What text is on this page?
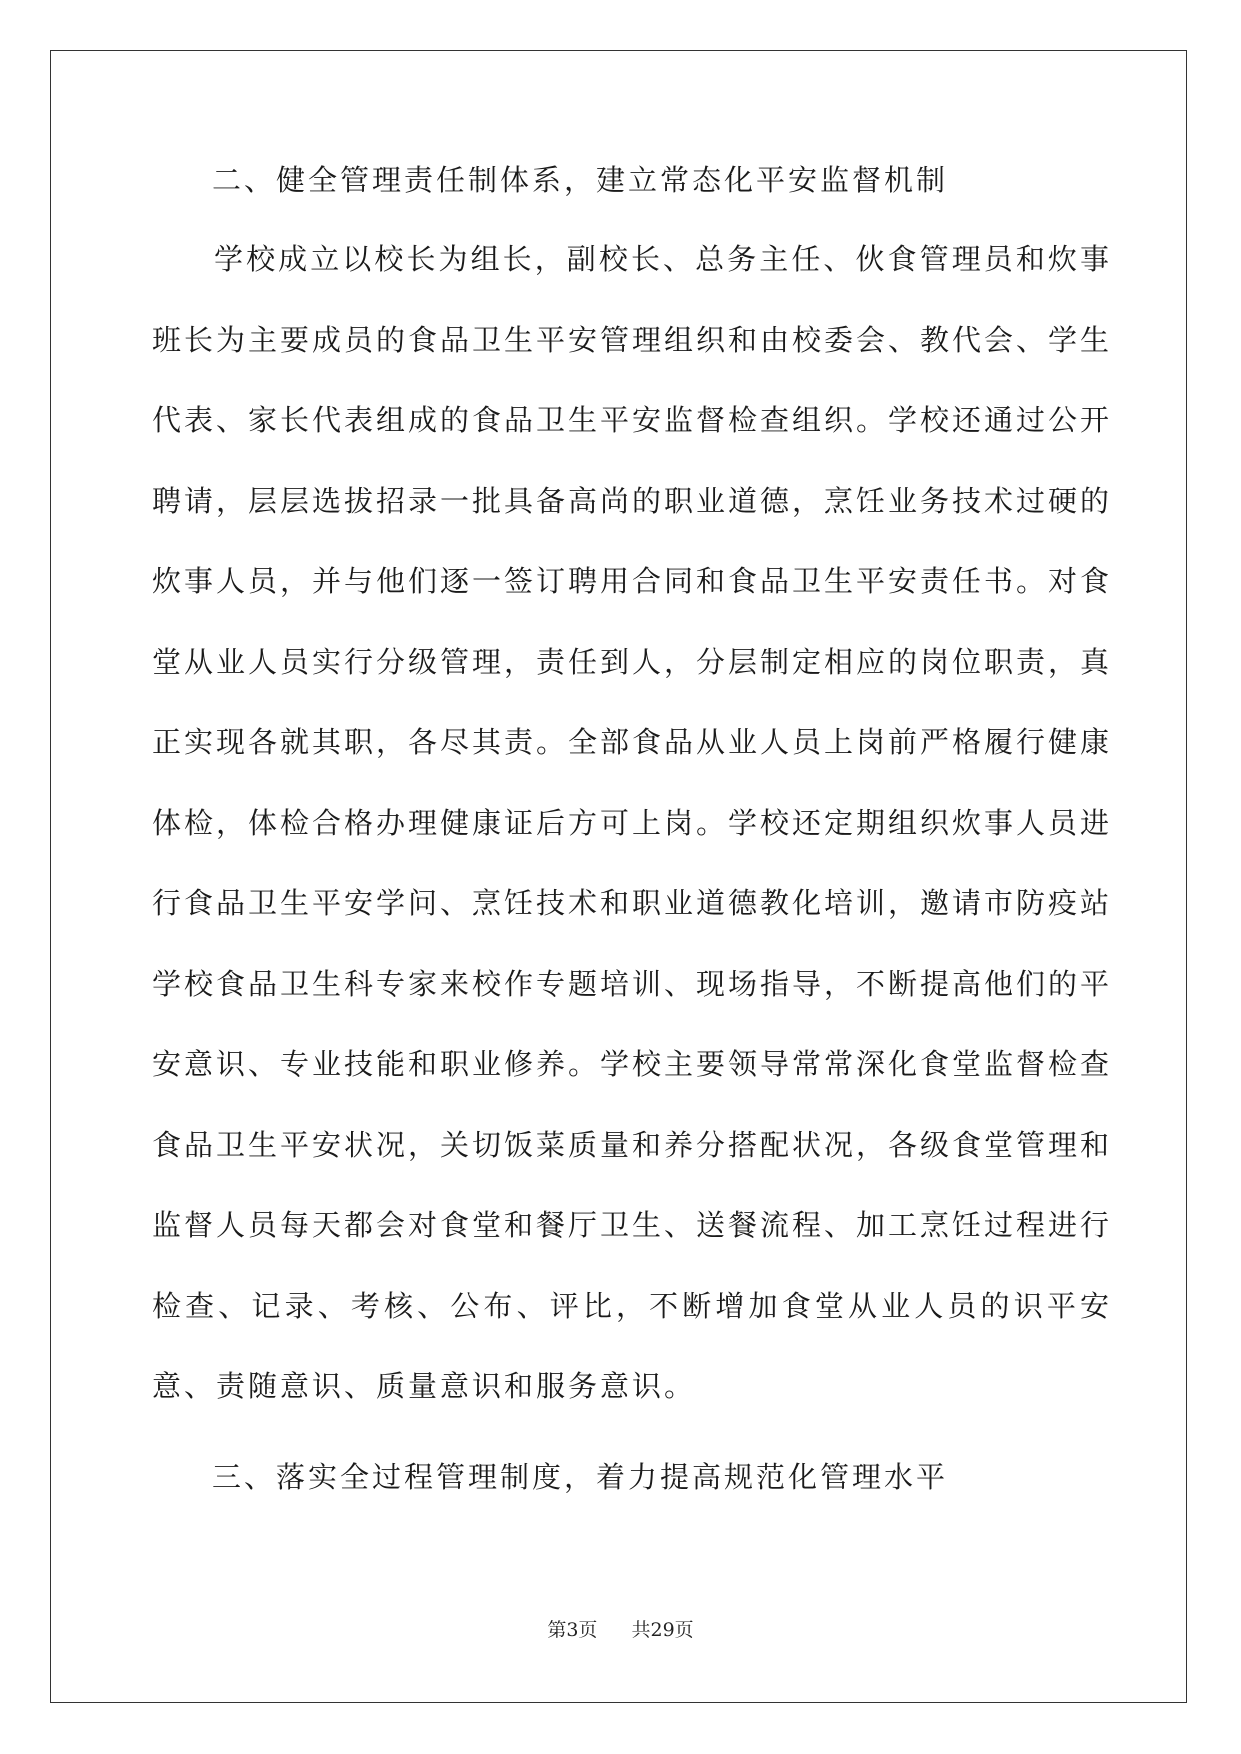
二、健全管理责任制体系，建立常态化平安监督机制

学校成立以校长为组长，副校长、总务主任、伙食管理员和炊事班长为主要成员的食品卫生平安管理组织和由校委会、教代会、学生代表、家长代表组成的食品卫生平安监督检查组织。学校还通过公开聘请，层层选拔招录一批具备高尚的职业道德，烹饪业务技术过硬的炊事人员，并与他们逐一签订聘用合同和食品卫生平安责任书。对食堂从业人员实行分级管理，责任到人，分层制定相应的岗位职责，真正实现各就其职，各尽其责。全部食品从业人员上岗前严格履行健康体检，体检合格办理健康证后方可上岗。学校还定期组织炊事人员进行食品卫生平安学问、烹饪技术和职业道德教化培训，邀请市防疫站学校食品卫生科专家来校作专题培训、现场指导，不断提高他们的平安意识、专业技能和职业修养。学校主要领导常常深化食堂监督检查食品卫生平安状况，关切饭菜质量和养分搭配状况，各级食堂管理和监督人员每天都会对食堂和餐厅卫生、送餐流程、加工烹饪过程进行检查、记录、考核、公布、评比，不断增加食堂从业人员的识平安意、责随意识、质量意识和服务意识。

三、落实全过程管理制度，着力提高规范化管理水平

第3页 共29页
